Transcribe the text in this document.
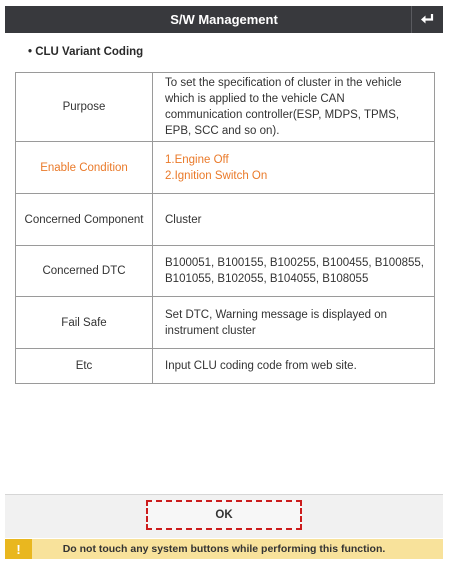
S/W Management
• CLU Variant Coding
Purpose	To set the specification of cluster in the vehicle which is applied to the vehicle CAN communication controller(ESP, MDPS, TPMS, EPB, SCC and so on).
Enable Condition	1.Engine Off
2.Ignition Switch On
Concerned Component	Cluster
Concerned DTC	B100051, B100155, B100255, B100455, B100855, B101055, B102055, B104055, B108055
Fail Safe	Set DTC, Warning message is displayed on instrument cluster
Etc	Input CLU coding code from web site.
OK
!	Do not touch any system buttons while performing this function.
